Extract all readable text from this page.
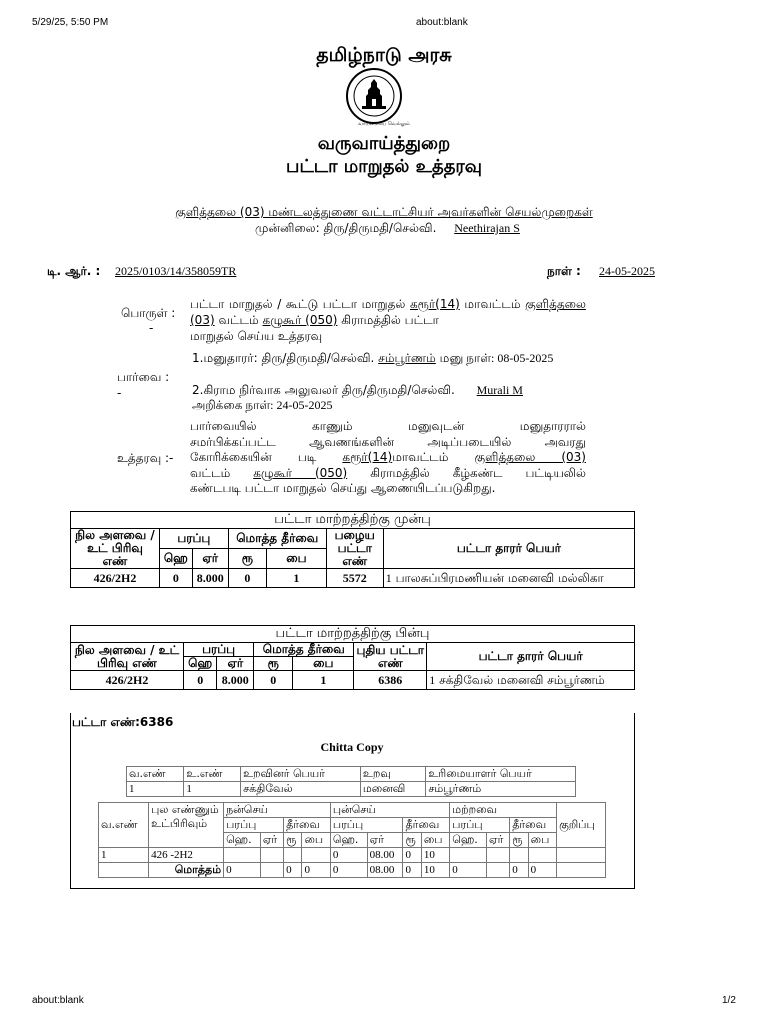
5/29/25, 5:50 PM	about:blank
about:blank	1/2
தமிழ்நாடு அரசு
வாய்மையே வெல்லும்
வருவாய்த்துறை
பட்டா மாறுதல் உத்தரவு
குளித்தலை (03) மண்டலத்துணை வட்டாட்சியர் அவர்களின் செயல்முறைகள்
முன்னிலை: திரு/திருமதி/செல்வி. Neethirajan S
டி. ஆர். : 2025/0103/14/358059TR	நாள் : 24-05-2025
பொருள் :
-
பட்டா மாறுதல் / கூட்டு பட்டா மாறுதல் கரூர்(14) மாவட்டம் குளித்தலை (03) வட்டம் கழுகூர் (050) கிராமத்தில் பட்டா
மாறுதல் செய்ய உத்தரவு
பார்வை :
-
1.மனுதாரர்: திரு/திருமதி/செல்வி. சம்பூர்ணம் மனு நாள்: 08-05-2025
2.கிராம நிர்வாக அலுவலர் திரு/திருமதி/செல்வி. Murali M
அறிக்கை நாள்: 24-05-2025
உத்தரவு :-
பார்வையில் காணும் மனுவுடன் மனுதாரரால்
சமர்பிக்கப்பட்ட ஆவணங்களின் அடிப்படையில் அவரது
கோரிக்கையின் படி கரூர்(14)மாவட்டம் குளித்தலை (03)
வட்டம் கழுகூர் (050) கிராமத்தில் கீழ்கண்ட பட்டியலில்
கண்டபடி பட்டா மாறுதல் செய்து ஆணையிடப்படுகிறது.
பட்டா மாற்றத்திற்கு முன்பு						
நில அளவை / உட் பிரிவு எண்	பரப்பு		மொத்த தீர்வை		பழைய பட்டா எண்	பட்டா தாரர் பெயர்
	ஹெ	ஏர்	ரூ	பை		
426/2H2	0	8.000	0	1	5572	1 பாலசுப்பிரமணியன் மனைவி மல்லிகா
பட்டா மாற்றத்திற்கு பின்பு						
நில அளவை / உட் பிரிவு எண்	பரப்பு		மொத்த தீர்வை		புதிய பட்டா எண்	பட்டா தாரர் பெயர்
	ஹெ	ஏர்	ரூ	பை		
426/2H2	0	8.000	0	1	6386	1 சக்திவேல் மனைவி சம்பூர்ணம்
பட்டா எண்:6386
Chitta Copy
வ.எண்	உ.எண்	உறவினர் பெயர்	உறவு	உரிமையாளர் பெயர்
1	1	சக்திவேல்	மனைவி	சம்பூர்ணம்
வ.எண்	புல எண்ணும் உட்பிரிவும்	நன்செய்				புன்செய்				மற்றவை				குறிப்பு
		பரப்பு		தீர்வை		பரப்பு		தீர்வை		பரப்பு		தீர்வை		
		ஹெ.	ஏர்	ரூ	பை	ஹெ.	ஏர்	ரூ	பை	ஹெ.	ஏர்	ரூ	பை	
1	426 -2H2					0	08.00	0	10					
	மொத்தம்	0		0	0	0	08.00	0	10	0		0	0	
